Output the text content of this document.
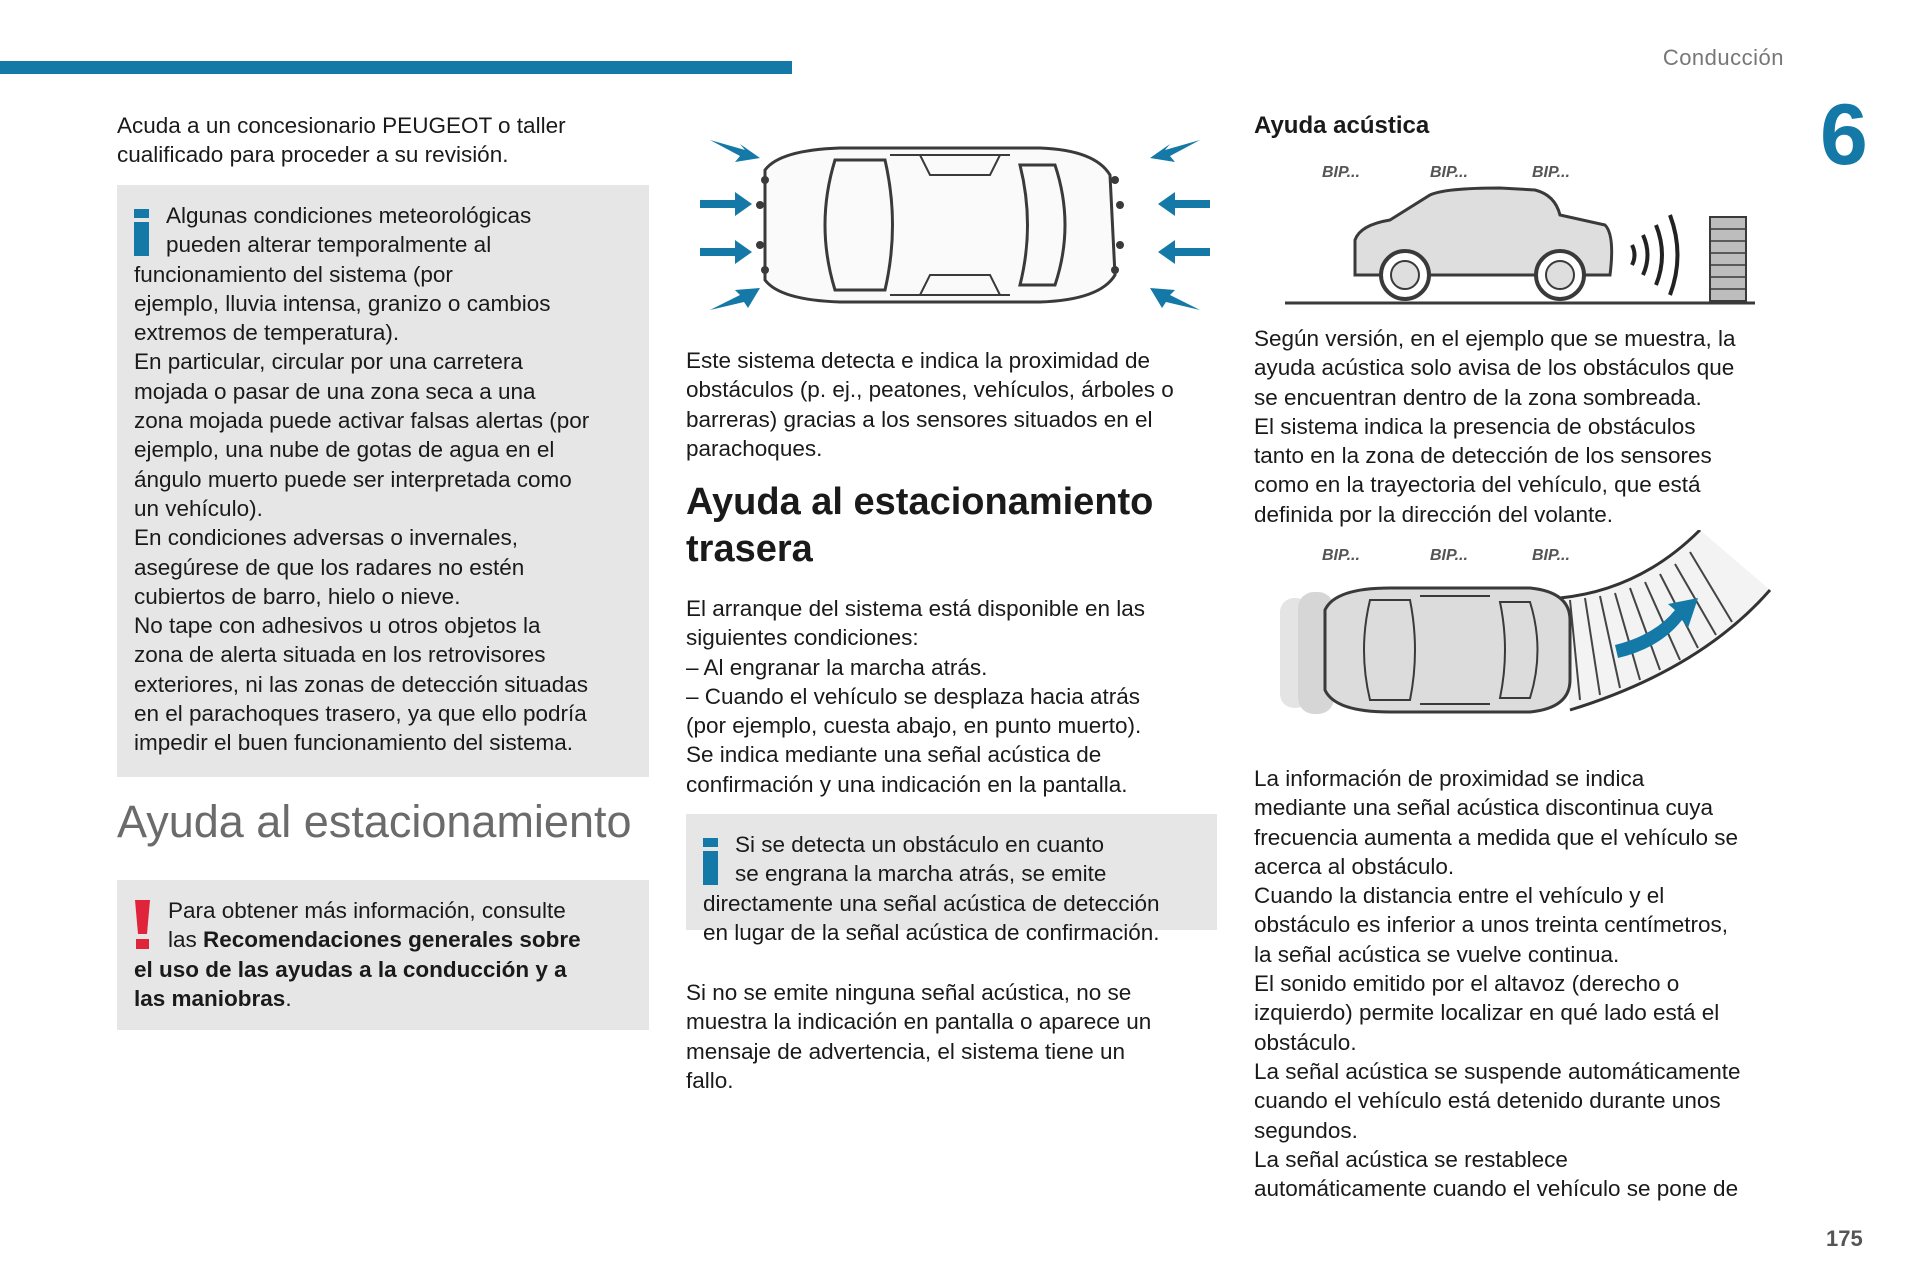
Conducción
6

Acuda a un concesionario PEUGEOT o taller
cualificado para proceder a su revisión.

Algunas condiciones meteorológicas
pueden alterar temporalmente al
funcionamiento del sistema (por
ejemplo, lluvia intensa, granizo o cambios
extremos de temperatura).
En particular, circular por una carretera
mojada o pasar de una zona seca a una
zona mojada puede activar falsas alertas (por
ejemplo, una nube de gotas de agua en el
ángulo muerto puede ser interpretada como
un vehículo).
En condiciones adversas o invernales,
asegúrese de que los radares no estén
cubiertos de barro, hielo o nieve.
No tape con adhesivos u otros objetos la
zona de alerta situada en los retrovisores
exteriores, ni las zonas de detección situadas
en el parachoques trasero, ya que ello podría
impedir el buen funcionamiento del sistema.
Ayuda al estacionamiento
Para obtener más información, consulte
las Recomendaciones generales sobre
el uso de las ayudas a la conducción y a
las maniobras.

Este sistema detecta e indica la proximidad de
obstáculos (p. ej., peatones, vehículos, árboles o
barreras) gracias a los sensores situados en el
parachoques.

Ayuda al estacionamiento
trasera

El arranque del sistema está disponible en las
siguientes condiciones:
– Al engranar la marcha atrás.
– Cuando el vehículo se desplaza hacia atrás
(por ejemplo, cuesta abajo, en punto muerto).
Se indica mediante una señal acústica de
confirmación y una indicación en la pantalla.

Si se detecta un obstáculo en cuanto
se engrana la marcha atrás, se emite
directamente una señal acústica de detección
en lugar de la señal acústica de confirmación.

Si no se emite ninguna señal acústica, no se
muestra la indicación en pantalla o aparece un
mensaje de advertencia, el sistema tiene un
fallo.

Ayuda acústica
BIP...	BIP...	BIP...

Según versión, en el ejemplo que se muestra, la
ayuda acústica solo avisa de los obstáculos que
se encuentran dentro de la zona sombreada.
El sistema indica la presencia de obstáculos
tanto en la zona de detección de los sensores
como en la trayectoria del vehículo, que está
definida por la dirección del volante.

BIP...	BIP...	BIP...

La información de proximidad se indica
mediante una señal acústica discontinua cuya
frecuencia aumenta a medida que el vehículo se
acerca al obstáculo.
Cuando la distancia entre el vehículo y el
obstáculo es inferior a unos treinta centímetros,
la señal acústica se vuelve continua.
El sonido emitido por el altavoz (derecho o
izquierdo) permite localizar en qué lado está el
obstáculo.
La señal acústica se suspende automáticamente
cuando el vehículo está detenido durante unos
segundos.
La señal acústica se restablece
automáticamente cuando el vehículo se pone de

175
